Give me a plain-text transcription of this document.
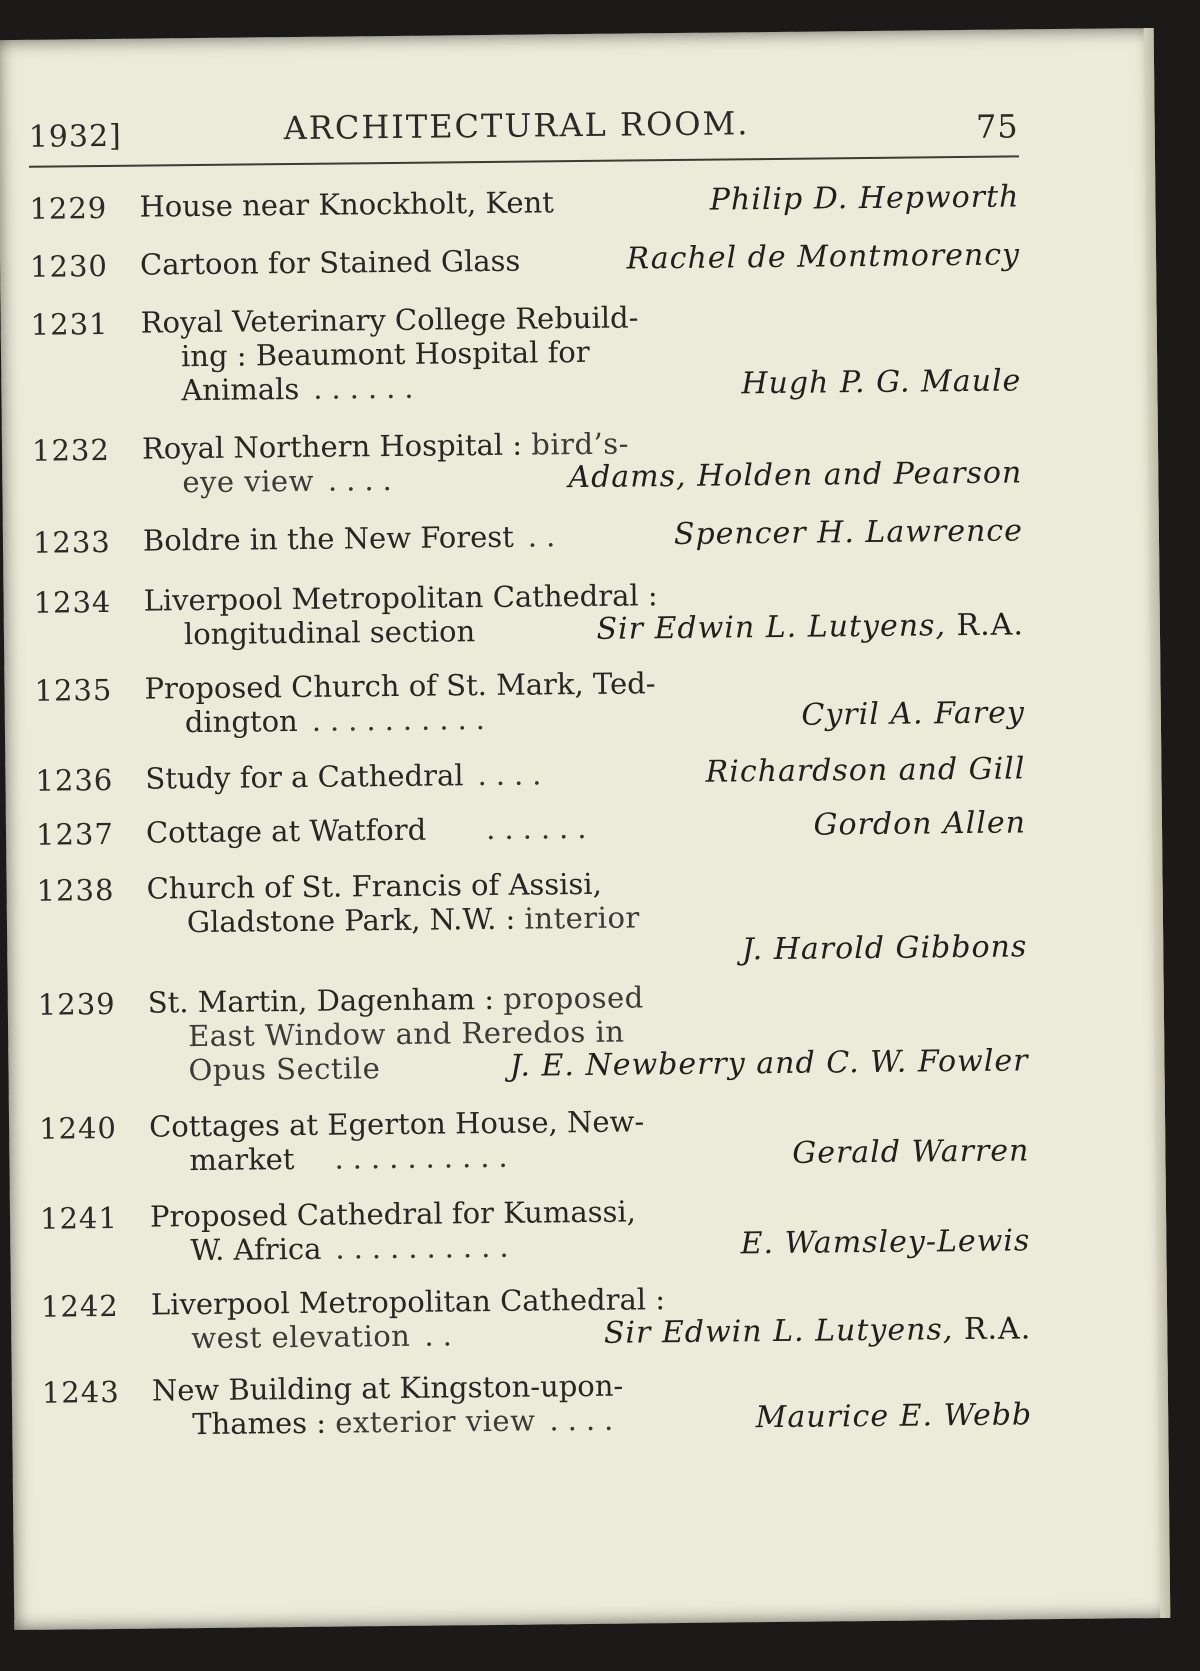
1932]	ARCHITECTURAL ROOM.	75
1229 House near Knockholt, Kent	Philip D. Hepworth
1230 Cartoon for Stained Glass	Rachel de Montmorency
1231 Royal Veterinary College Rebuild-
ing : Beaumont Hospital for
Animals ......	Hugh P. G. Maule
1232 Royal Northern Hospital : bird’s-
eye view ....	Adams, Holden and Pearson
1233 Boldre in the New Forest ..	Spencer H. Lawrence
1234 Liverpool Metropolitan Cathedral :
longitudinal section	Sir Edwin L. Lutyens, R.A.
1235 Proposed Church of St. Mark, Ted-
dington ..........	Cyril A. Farey
1236 Study for a Cathedral ....	Richardson and Gill
1237 Cottage at Watford ......	Gordon Allen
1238 Church of St. Francis of Assisi,
Gladstone Park, N.W. : interior
J. Harold Gibbons
1239 St. Martin, Dagenham : proposed
East Window and Reredos in
Opus Sectile	J. E. Newberry and C. W. Fowler
1240 Cottages at Egerton House, New-
market ..........	Gerald Warren
1241 Proposed Cathedral for Kumassi,
W. Africa ..........	E. Wamsley-Lewis
1242 Liverpool Metropolitan Cathedral :
west elevation ..	Sir Edwin L. Lutyens, R.A.
1243 New Building at Kingston-upon-
Thames : exterior view ....	Maurice E. Webb
